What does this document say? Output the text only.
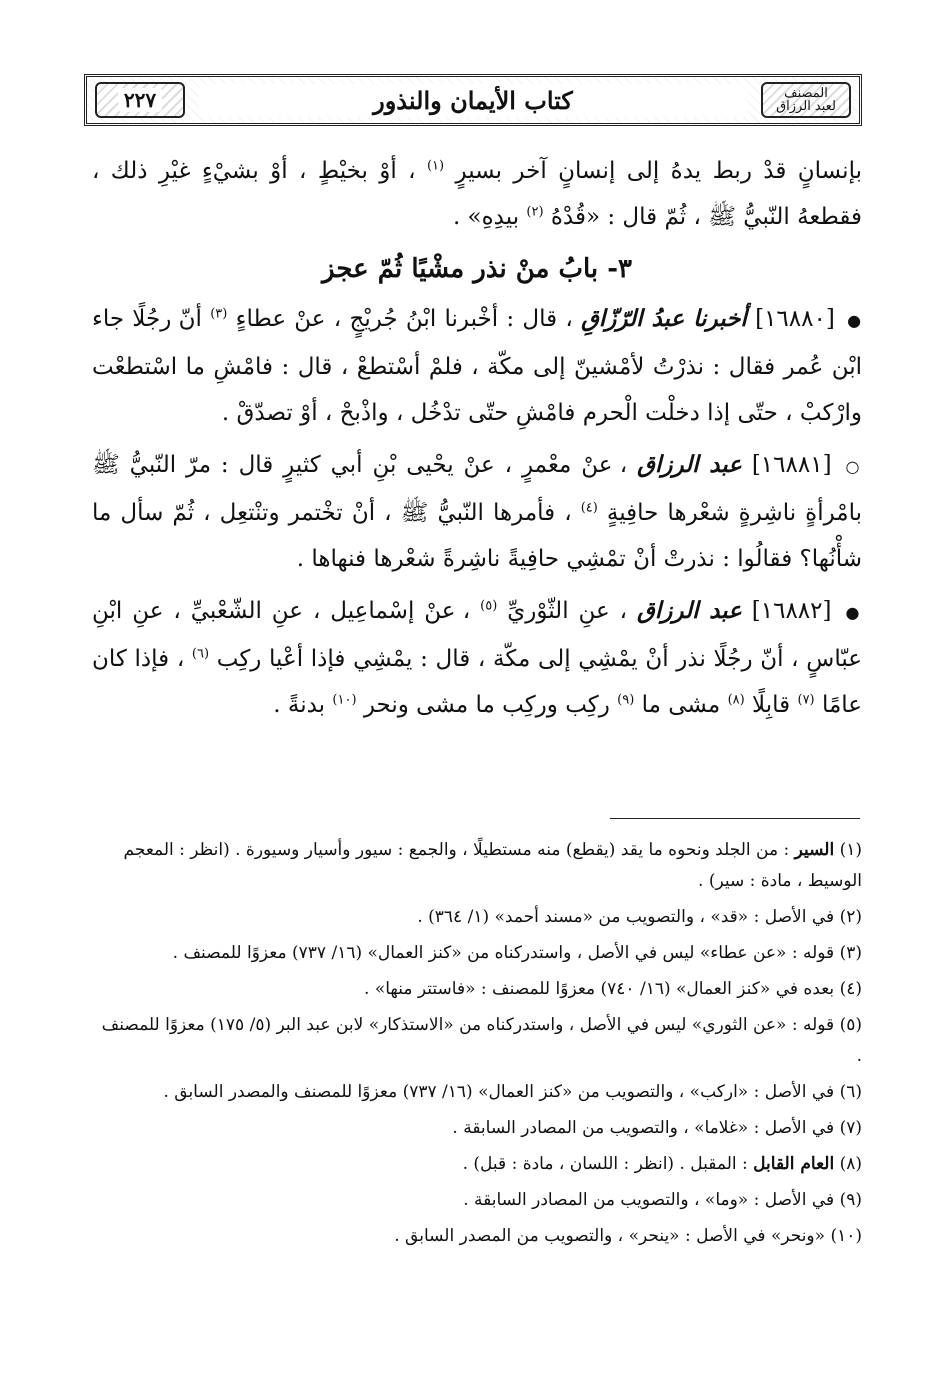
المصنف
لعبد الرزاق
كتاب الأيمان والنذور
٢٢٧

بإنسانٍ قدْ ربط يدهُ إلى إنسانٍ آخر بسيرٍ $^{(١)}$ ، أوْ بخيْطٍ ، أوْ بشيْءٍ غيْرِ ذلك ، فقطعهُ النّبيُّ ﷺ ، ثُمّ قال : «قُدْهُ $^{(٢)}$ بيدِهِ» .

٣- بابُ منْ نذر مشْيًا ثُمّ عجز

● [١٦٨٨٠] أخبرنا عبدُ الرّزّاقِ ، قال : أخْبرنا ابْنُ جُريْجٍ ، عنْ عطاءٍ $^{(٣)}$ أنّ رجُلًا جاء ابْن عُمر فقال : نذرْتُ لأمْشينّ إلى مكّة ، فلمْ أسْتطعْ ، قال : فامْشِ ما اسْتطعْت وارْكبْ ، حتّى إذا دخلْت الْحرم فامْشِ حتّى تدْخُل ، واذْبحْ ، أوْ تصدّقْ .

○ [١٦٨٨١] عبد الرزاق ، عنْ معْمرٍ ، عنْ يحْيى بْنِ أبي كثيرٍ قال : مرّ النّبيُّ ﷺ بامْرأةٍ ناشِرةٍ شعْرها حافِيةٍ $^{(٤)}$ ، فأمرها النّبيُّ ﷺ ، أنْ تخْتمر وتنْتعِل ، ثُمّ سأل ما شأْنُها؟ فقالُوا : نذرتْ أنْ تمْشِي حافِيةً ناشِرةً شعْرها فنهاها .

● [١٦٨٨٢] عبد الرزاق ، عنِ الثّوْريِّ $^{(٥)}$ ، عنْ إسْماعِيل ، عنِ الشّعْبيِّ ، عنِ ابْنِ عبّاسٍ ، أنّ رجُلًا نذر أنْ يمْشِي إلى مكّة ، قال : يمْشِي فإذا أعْيا ركِب $^{(٦)}$ ، فإذا كان عامًا $^{(٧)}$ قابِلًا $^{(٨)}$ مشى ما $^{(٩)}$ ركِب وركِب ما مشى ونحر $^{(١٠)}$ بدنةً .

(١) السير : من الجلد ونحوه ما يقد (يقطع) منه مستطيلًا ، والجمع : سيور وأسيار وسيورة . (انظر : المعجم الوسيط ، مادة : سير) .
(٢) في الأصل : «قد» ، والتصويب من «مسند أحمد» (١/ ٣٦٤) .
(٣) قوله : «عن عطاء» ليس في الأصل ، واستدركناه من «كنز العمال» (١٦/ ٧٣٧) معزوًا للمصنف .
(٤) بعده في «كنز العمال» (١٦/ ٧٤٠) معزوًا للمصنف : «فاستتر منها» .
(٥) قوله : «عن الثوري» ليس في الأصل ، واستدركناه من «الاستذكار» لابن عبد البر (٥/ ١٧٥) معزوًا للمصنف .
(٦) في الأصل : «اركب» ، والتصويب من «كنز العمال» (١٦/ ٧٣٧) معزوًا للمصنف والمصدر السابق .
(٧) في الأصل : «غلاما» ، والتصويب من المصادر السابقة .
(٨) العام القابل : المقبل . (انظر : اللسان ، مادة : قبل) .
(٩) في الأصل : «وما» ، والتصويب من المصادر السابقة .
(١٠) «ونحر» في الأصل : «ينحر» ، والتصويب من المصدر السابق .
